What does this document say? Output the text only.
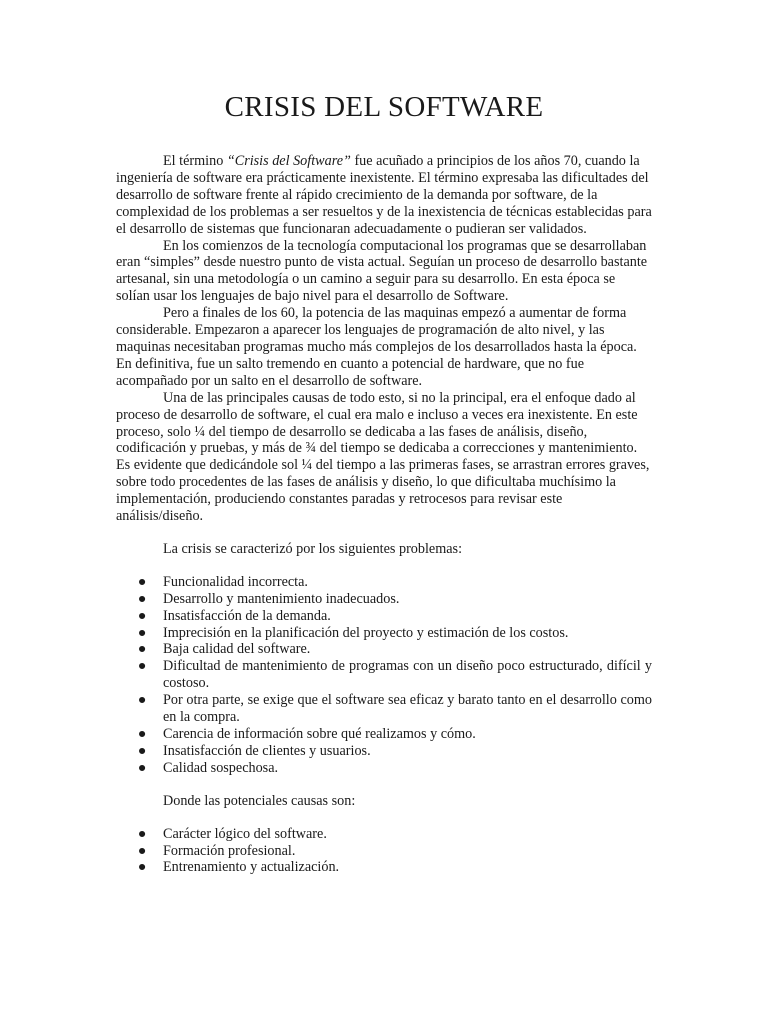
CRISIS DEL SOFTWARE

El término “Crisis del Software” fue acuñado a principios de los años 70, cuando la ingeniería de software era prácticamente inexistente. El término expresaba las dificultades del desarrollo de software frente al rápido crecimiento de la demanda por software, de la complexidad de los problemas a ser resueltos y de la inexistencia de técnicas establecidas para el desarrollo de sistemas que funcionaran adecuadamente o pudieran ser validados.

En los comienzos de la tecnología computacional los programas que se desarrollaban eran “simples” desde nuestro punto de vista actual. Seguían un proceso de desarrollo bastante artesanal, sin una metodología o un camino a seguir para su desarrollo. En esta época se solían usar los lenguajes de bajo nivel para el desarrollo de Software.

Pero a finales de los 60, la potencia de las maquinas empezó a aumentar de forma considerable. Empezaron a aparecer los lenguajes de programación de alto nivel, y las maquinas necesitaban programas mucho más complejos de los desarrollados hasta la época. En definitiva, fue un salto tremendo en cuanto a potencial de hardware, que no fue acompañado por un salto en el desarrollo de software.

Una de las principales causas de todo esto, si no la principal, era el enfoque dado al proceso de desarrollo de software, el cual era malo e incluso a veces era inexistente. En este proceso, solo ¼ del tiempo de desarrollo se dedicaba a las fases de análisis, diseño, codificación y pruebas, y más de ¾ del tiempo se dedicaba a correcciones y mantenimiento. Es evidente que dedicándole sol ¼ del tiempo a las primeras fases, se arrastran errores graves, sobre todo procedentes de las fases de análisis y diseño, lo que dificultaba muchísimo la implementación, produciendo constantes paradas y retrocesos para revisar este análisis/diseño.

La crisis se caracterizó por los siguientes problemas:

● Funcionalidad incorrecta.
● Desarrollo y mantenimiento inadecuados.
● Insatisfacción de la demanda.
● Imprecisión en la planificación del proyecto y estimación de los costos.
● Baja calidad del software.
● Dificultad de mantenimiento de programas con un diseño poco estructurado, difícil y costoso.
● Por otra parte, se exige que el software sea eficaz y barato tanto en el desarrollo como en la compra.
● Carencia de información sobre qué realizamos y cómo.
● Insatisfacción de clientes y usuarios.
● Calidad sospechosa.

Donde las potenciales causas son:

● Carácter lógico del software.
● Formación profesional.
● Entrenamiento y actualización.
